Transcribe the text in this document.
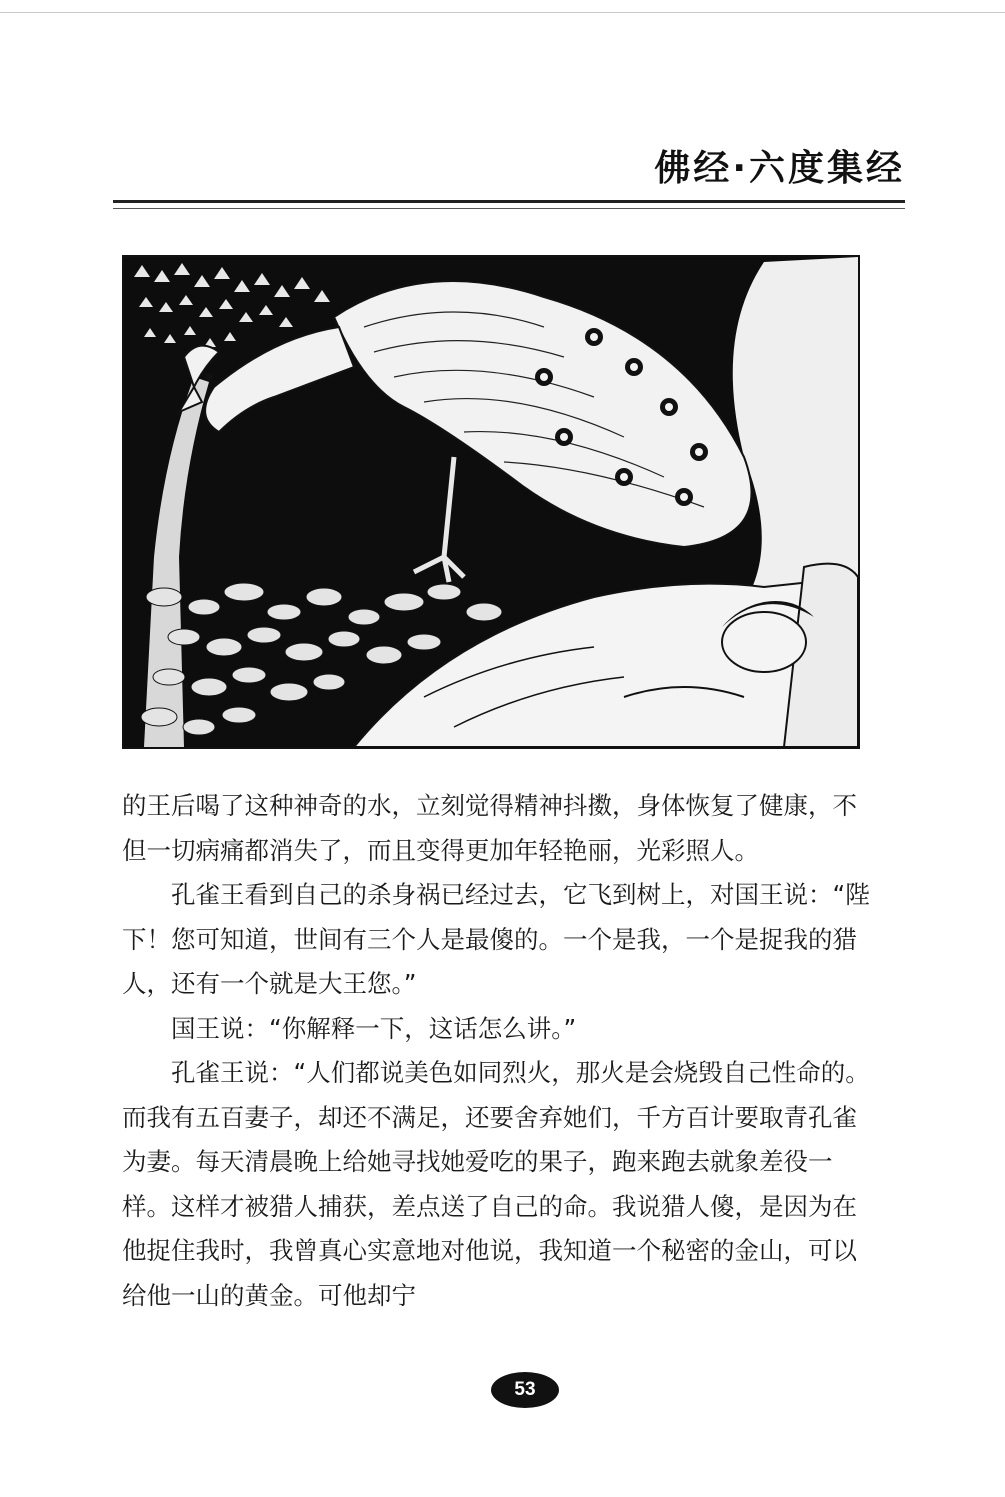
佛经·六度集经

的王后喝了这种神奇的水，立刻觉得精神抖擞，身体恢复了健康，不但一切病痛都消失了，而且变得更加年轻艳丽，光彩照人。

孔雀王看到自己的杀身祸已经过去，它飞到树上，对国王说：“陛下！您可知道，世间有三个人是最傻的。一个是我，一个是捉我的猎人，还有一个就是大王您。”

国王说：“你解释一下，这话怎么讲。”

孔雀王说：“人们都说美色如同烈火，那火是会烧毁自己性命的。而我有五百妻子，却还不满足，还要舍弃她们，千方百计要取青孔雀为妻。每天清晨晚上给她寻找她爱吃的果子，跑来跑去就象差役一样。这样才被猎人捕获，差点送了自己的命。我说猎人傻，是因为在他捉住我时，我曾真心实意地对他说，我知道一个秘密的金山，可以给他一山的黄金。可他却宁

53
